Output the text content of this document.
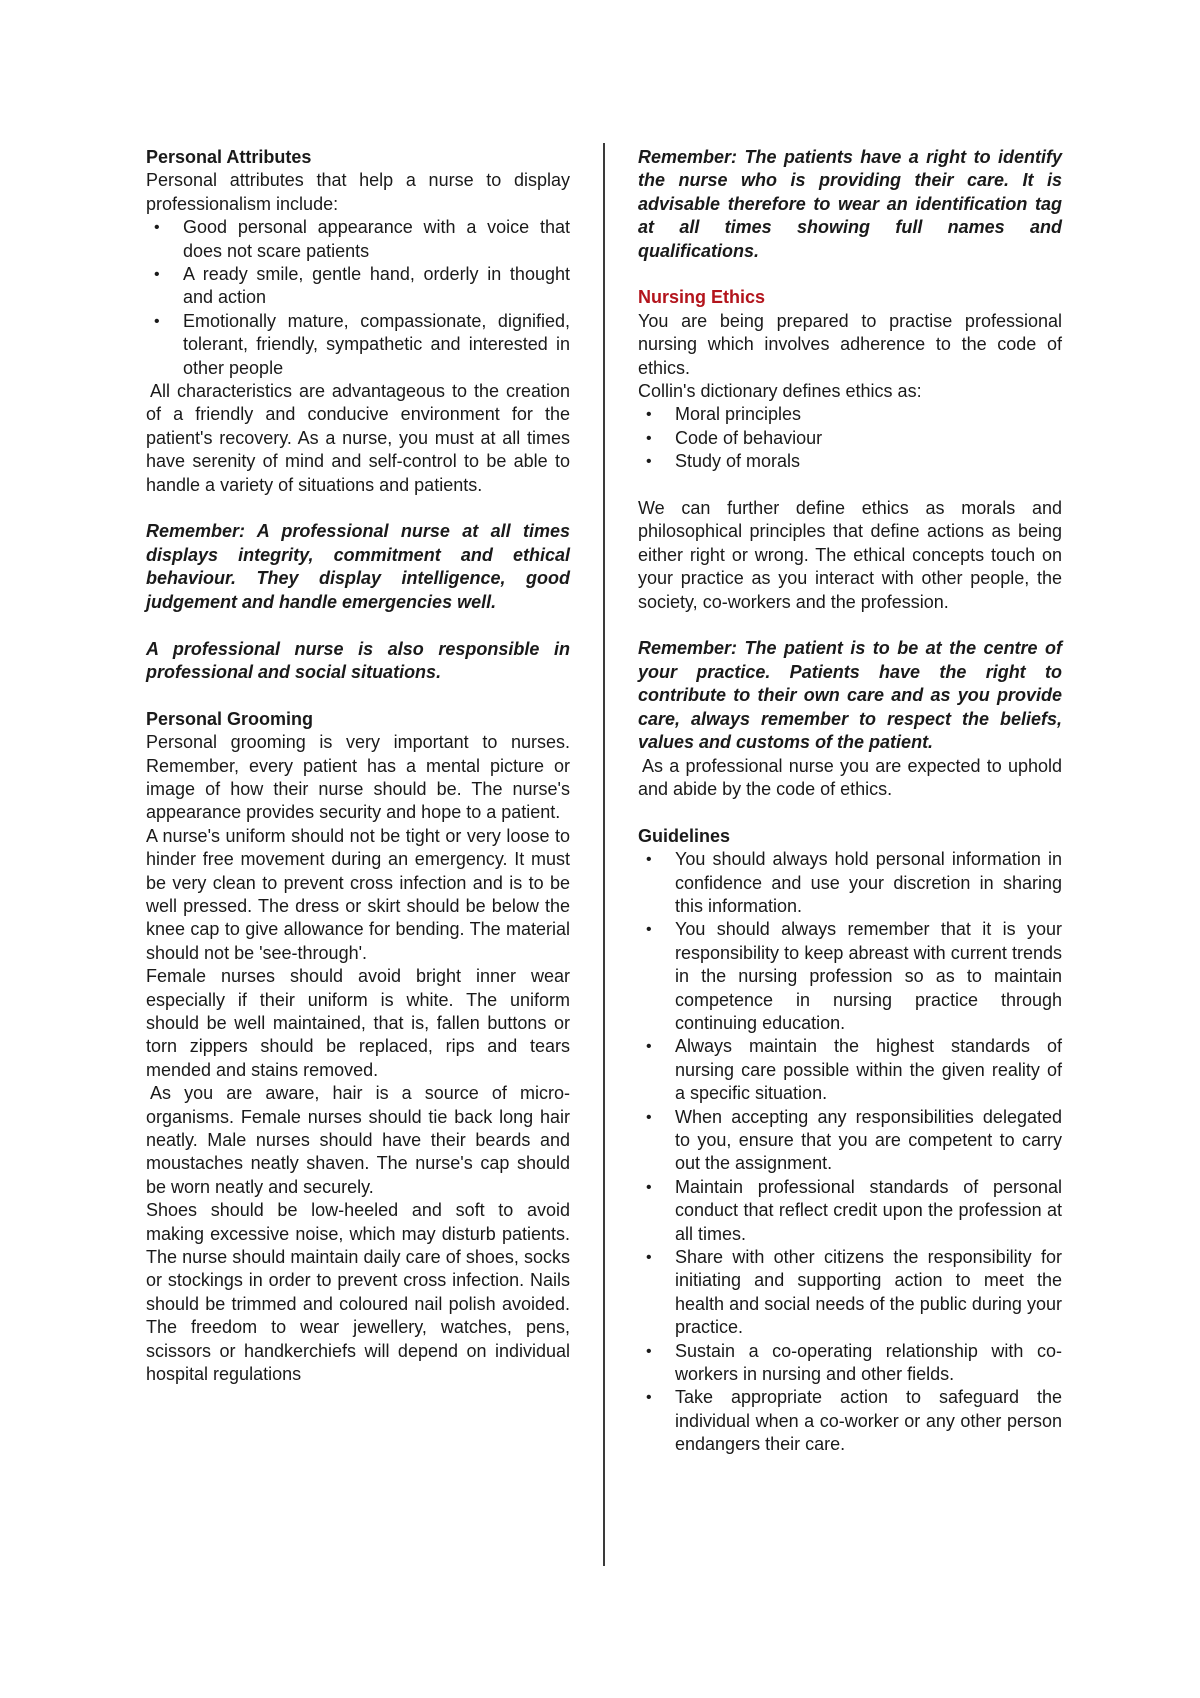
Personal Attributes

Personal attributes that help a nurse to display professionalism include:

• Good personal appearance with a voice that does not scare patients
• A ready smile, gentle hand, orderly in thought and action
• Emotionally mature, compassionate, dignified, tolerant, friendly, sympathetic and interested in other people

All characteristics are advantageous to the creation of a friendly and conducive environment for the patient's recovery. As a nurse, you must at all times have serenity of mind and self-control to be able to handle a variety of situations and patients.

Remember: A professional nurse at all times displays integrity, commitment and ethical behaviour. They display intelligence, good judgement and handle emergencies well.

A professional nurse is also responsible in professional and social situations.

Personal Grooming

Personal grooming is very important to nurses. Remember, every patient has a mental picture or image of how their nurse should be. The nurse's appearance provides security and hope to a patient.

A nurse's uniform should not be tight or very loose to hinder free movement during an emergency. It must be very clean to prevent cross infection and is to be well pressed. The dress or skirt should be below the knee cap to give allowance for bending. The material should not be 'see-through'.

Female nurses should avoid bright inner wear especially if their uniform is white. The uniform should be well maintained, that is, fallen buttons or torn zippers should be replaced, rips and tears mended and stains removed.

As you are aware, hair is a source of micro-organisms. Female nurses should tie back long hair neatly. Male nurses should have their beards and moustaches neatly shaven. The nurse's cap should be worn neatly and securely.

Shoes should be low-heeled and soft to avoid making excessive noise, which may disturb patients. The nurse should maintain daily care of shoes, socks or stockings in order to prevent cross infection. Nails should be trimmed and coloured nail polish avoided. The freedom to wear jewellery, watches, pens, scissors or handkerchiefs will depend on individual hospital regulations

Remember: The patients have a right to identify the nurse who is providing their care. It is advisable therefore to wear an identification tag at all times showing full names and qualifications.

Nursing Ethics

You are being prepared to practise professional nursing which involves adherence to the code of ethics.

Collin's dictionary defines ethics as:

• Moral principles
• Code of behaviour
• Study of morals

We can further define ethics as morals and philosophical principles that define actions as being either right or wrong. The ethical concepts touch on your practice as you interact with other people, the society, co-workers and the profession.

Remember: The patient is to be at the centre of your practice. Patients have the right to contribute to their own care and as you provide care, always remember to respect the beliefs, values and customs of the patient.

As a professional nurse you are expected to uphold and abide by the code of ethics.

Guidelines
• You should always hold personal information in confidence and use your discretion in sharing this information.
• You should always remember that it is your responsibility to keep abreast with current trends in the nursing profession so as to maintain competence in nursing practice through continuing education.
• Always maintain the highest standards of nursing care possible within the given reality of a specific situation.
• When accepting any responsibilities delegated to you, ensure that you are competent to carry out the assignment.
• Maintain professional standards of personal conduct that reflect credit upon the profession at all times.
• Share with other citizens the responsibility for initiating and supporting action to meet the health and social needs of the public during your practice.
• Sustain a co-operating relationship with co-workers in nursing and other fields.
• Take appropriate action to safeguard the individual when a co-worker or any other person endangers their care.
